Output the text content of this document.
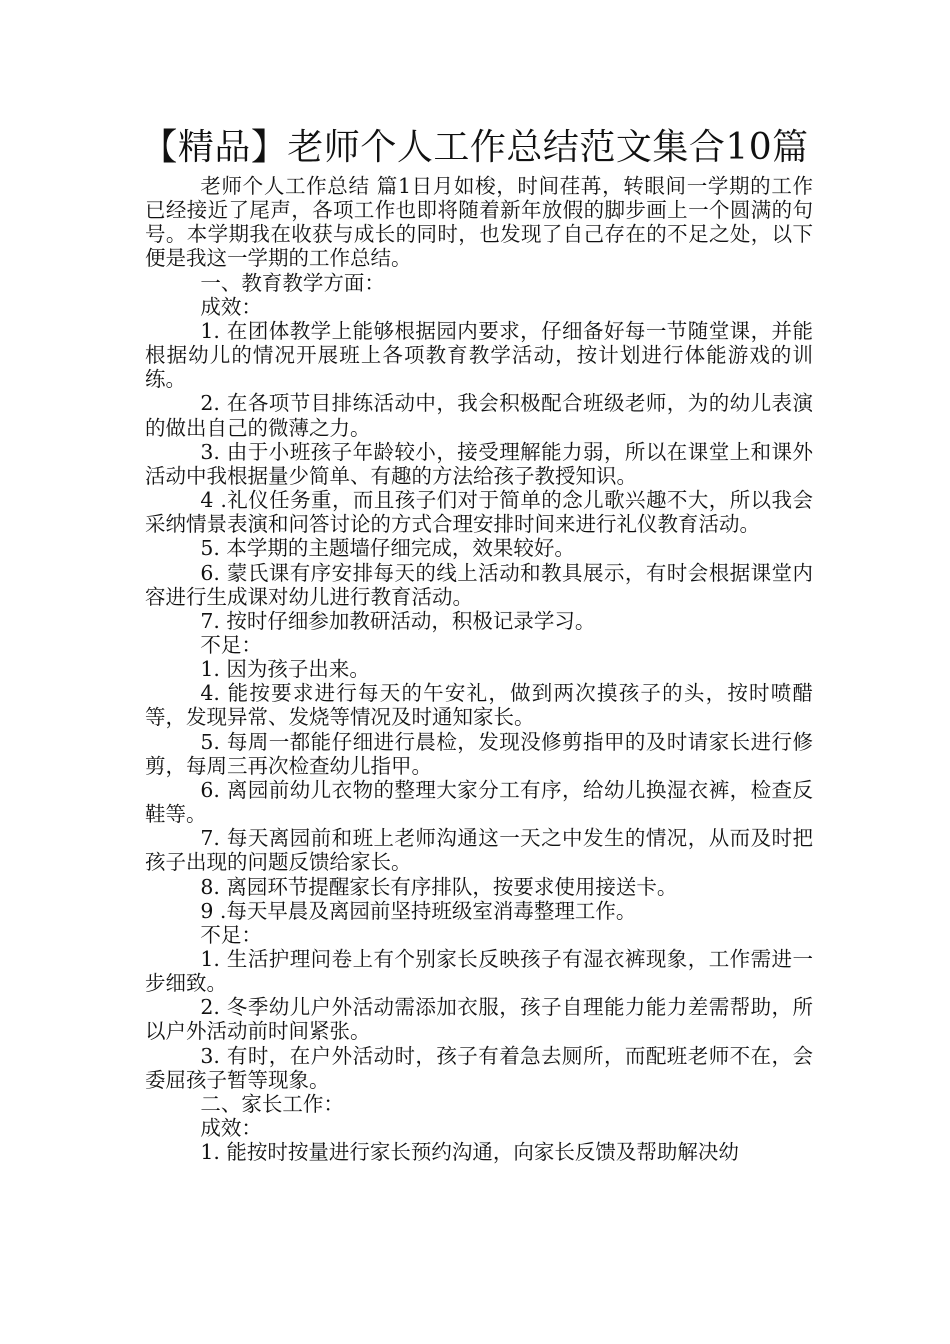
【精品】老师个人工作总结范文集合10篇

老师个人工作总结 篇1日月如梭，时间荏苒，转眼间一学期的工作已经接近了尾声，各项工作也即将随着新年放假的脚步画上一个圆满的句号。本学期我在收获与成长的同时，也发现了自己存在的不足之处，以下便是我这一学期的工作总结。

一、教育教学方面：

成效：

1. 在团体教学上能够根据园内要求，仔细备好每一节随堂课，并能根据幼儿的情况开展班上各项教育教学活动，按计划进行体能游戏的训练。

2. 在各项节目排练活动中，我会积极配合班级老师，为的幼儿表演的做出自己的微薄之力。

3. 由于小班孩子年龄较小，接受理解能力弱，所以在课堂上和课外活动中我根据量少简单、有趣的方法给孩子教授知识。

4 .礼仪任务重，而且孩子们对于简单的念儿歌兴趣不大，所以我会采纳情景表演和问答讨论的方式合理安排时间来进行礼仪教育活动。

5. 本学期的主题墙仔细完成，效果较好。

6. 蒙氏课有序安排每天的线上活动和教具展示，有时会根据课堂内容进行生成课对幼儿进行教育活动。

7. 按时仔细参加教研活动，积极记录学习。

不足：

1. 因为孩子出来。

4. 能按要求进行每天的午安礼，做到两次摸孩子的头，按时喷醋等，发现异常、发烧等情况及时通知家长。

5. 每周一都能仔细进行晨检，发现没修剪指甲的及时请家长进行修剪，每周三再次检查幼儿指甲。

6. 离园前幼儿衣物的整理大家分工有序，给幼儿换湿衣裤，检查反鞋等。

7. 每天离园前和班上老师沟通这一天之中发生的情况，从而及时把孩子出现的问题反馈给家长。

8. 离园环节提醒家长有序排队，按要求使用接送卡。

9 .每天早晨及离园前坚持班级室消毒整理工作。

不足：

1. 生活护理问卷上有个别家长反映孩子有湿衣裤现象，工作需进一步细致。

2. 冬季幼儿户外活动需添加衣服，孩子自理能力能力差需帮助，所以户外活动前时间紧张。

3. 有时，在户外活动时，孩子有着急去厕所，而配班老师不在，会委屈孩子暂等现象。

二、家长工作：

成效：

1. 能按时按量进行家长预约沟通，向家长反馈及帮助解决幼
